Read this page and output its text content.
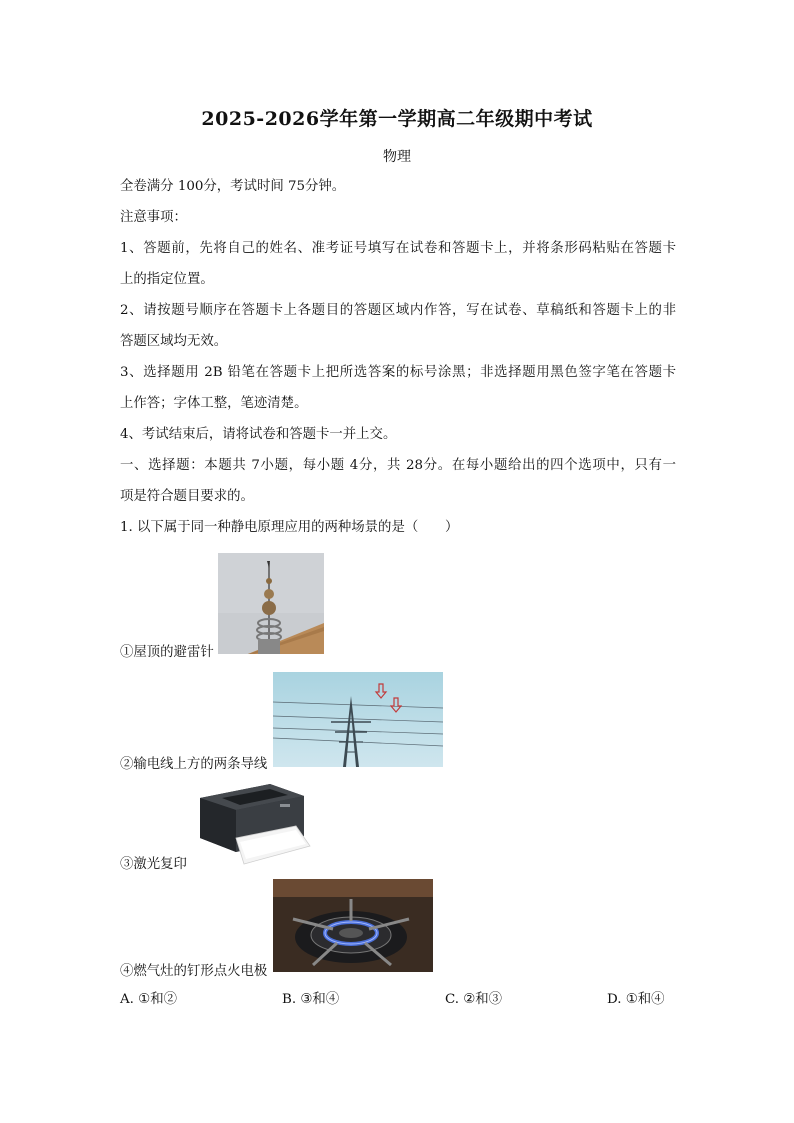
2025-2026学年第一学期高二年级期中考试
物理
全卷满分 100分，考试时间 75分钟。
注意事项：
1、答题前，先将自己的姓名、准考证号填写在试卷和答题卡上，并将条形码粘贴在答题卡
上的指定位置。
2、请按题号顺序在答题卡上各题目的答题区域内作答，写在试卷、草稿纸和答题卡上的非
答题区域均无效。
3、选择题用 2B 铅笔在答题卡上把所选答案的标号涂黑；非选择题用黑色签字笔在答题卡
上作答；字体工整，笔迹清楚。
4、考试结束后，请将试卷和答题卡一并上交。
一、选择题：本题共 7小题，每小题 4分，共 28分。在每小题给出的四个选项中，只有一
项是符合题目要求的。
1. 以下属于同一种静电原理应用的两种场景的是（　　）
①屋顶的避雷针
②输电线上方的两条导线
③激光复印
④燃气灶的钉形点火电极
A. ①和②	B. ③和④	C. ②和③	D. ①和④
